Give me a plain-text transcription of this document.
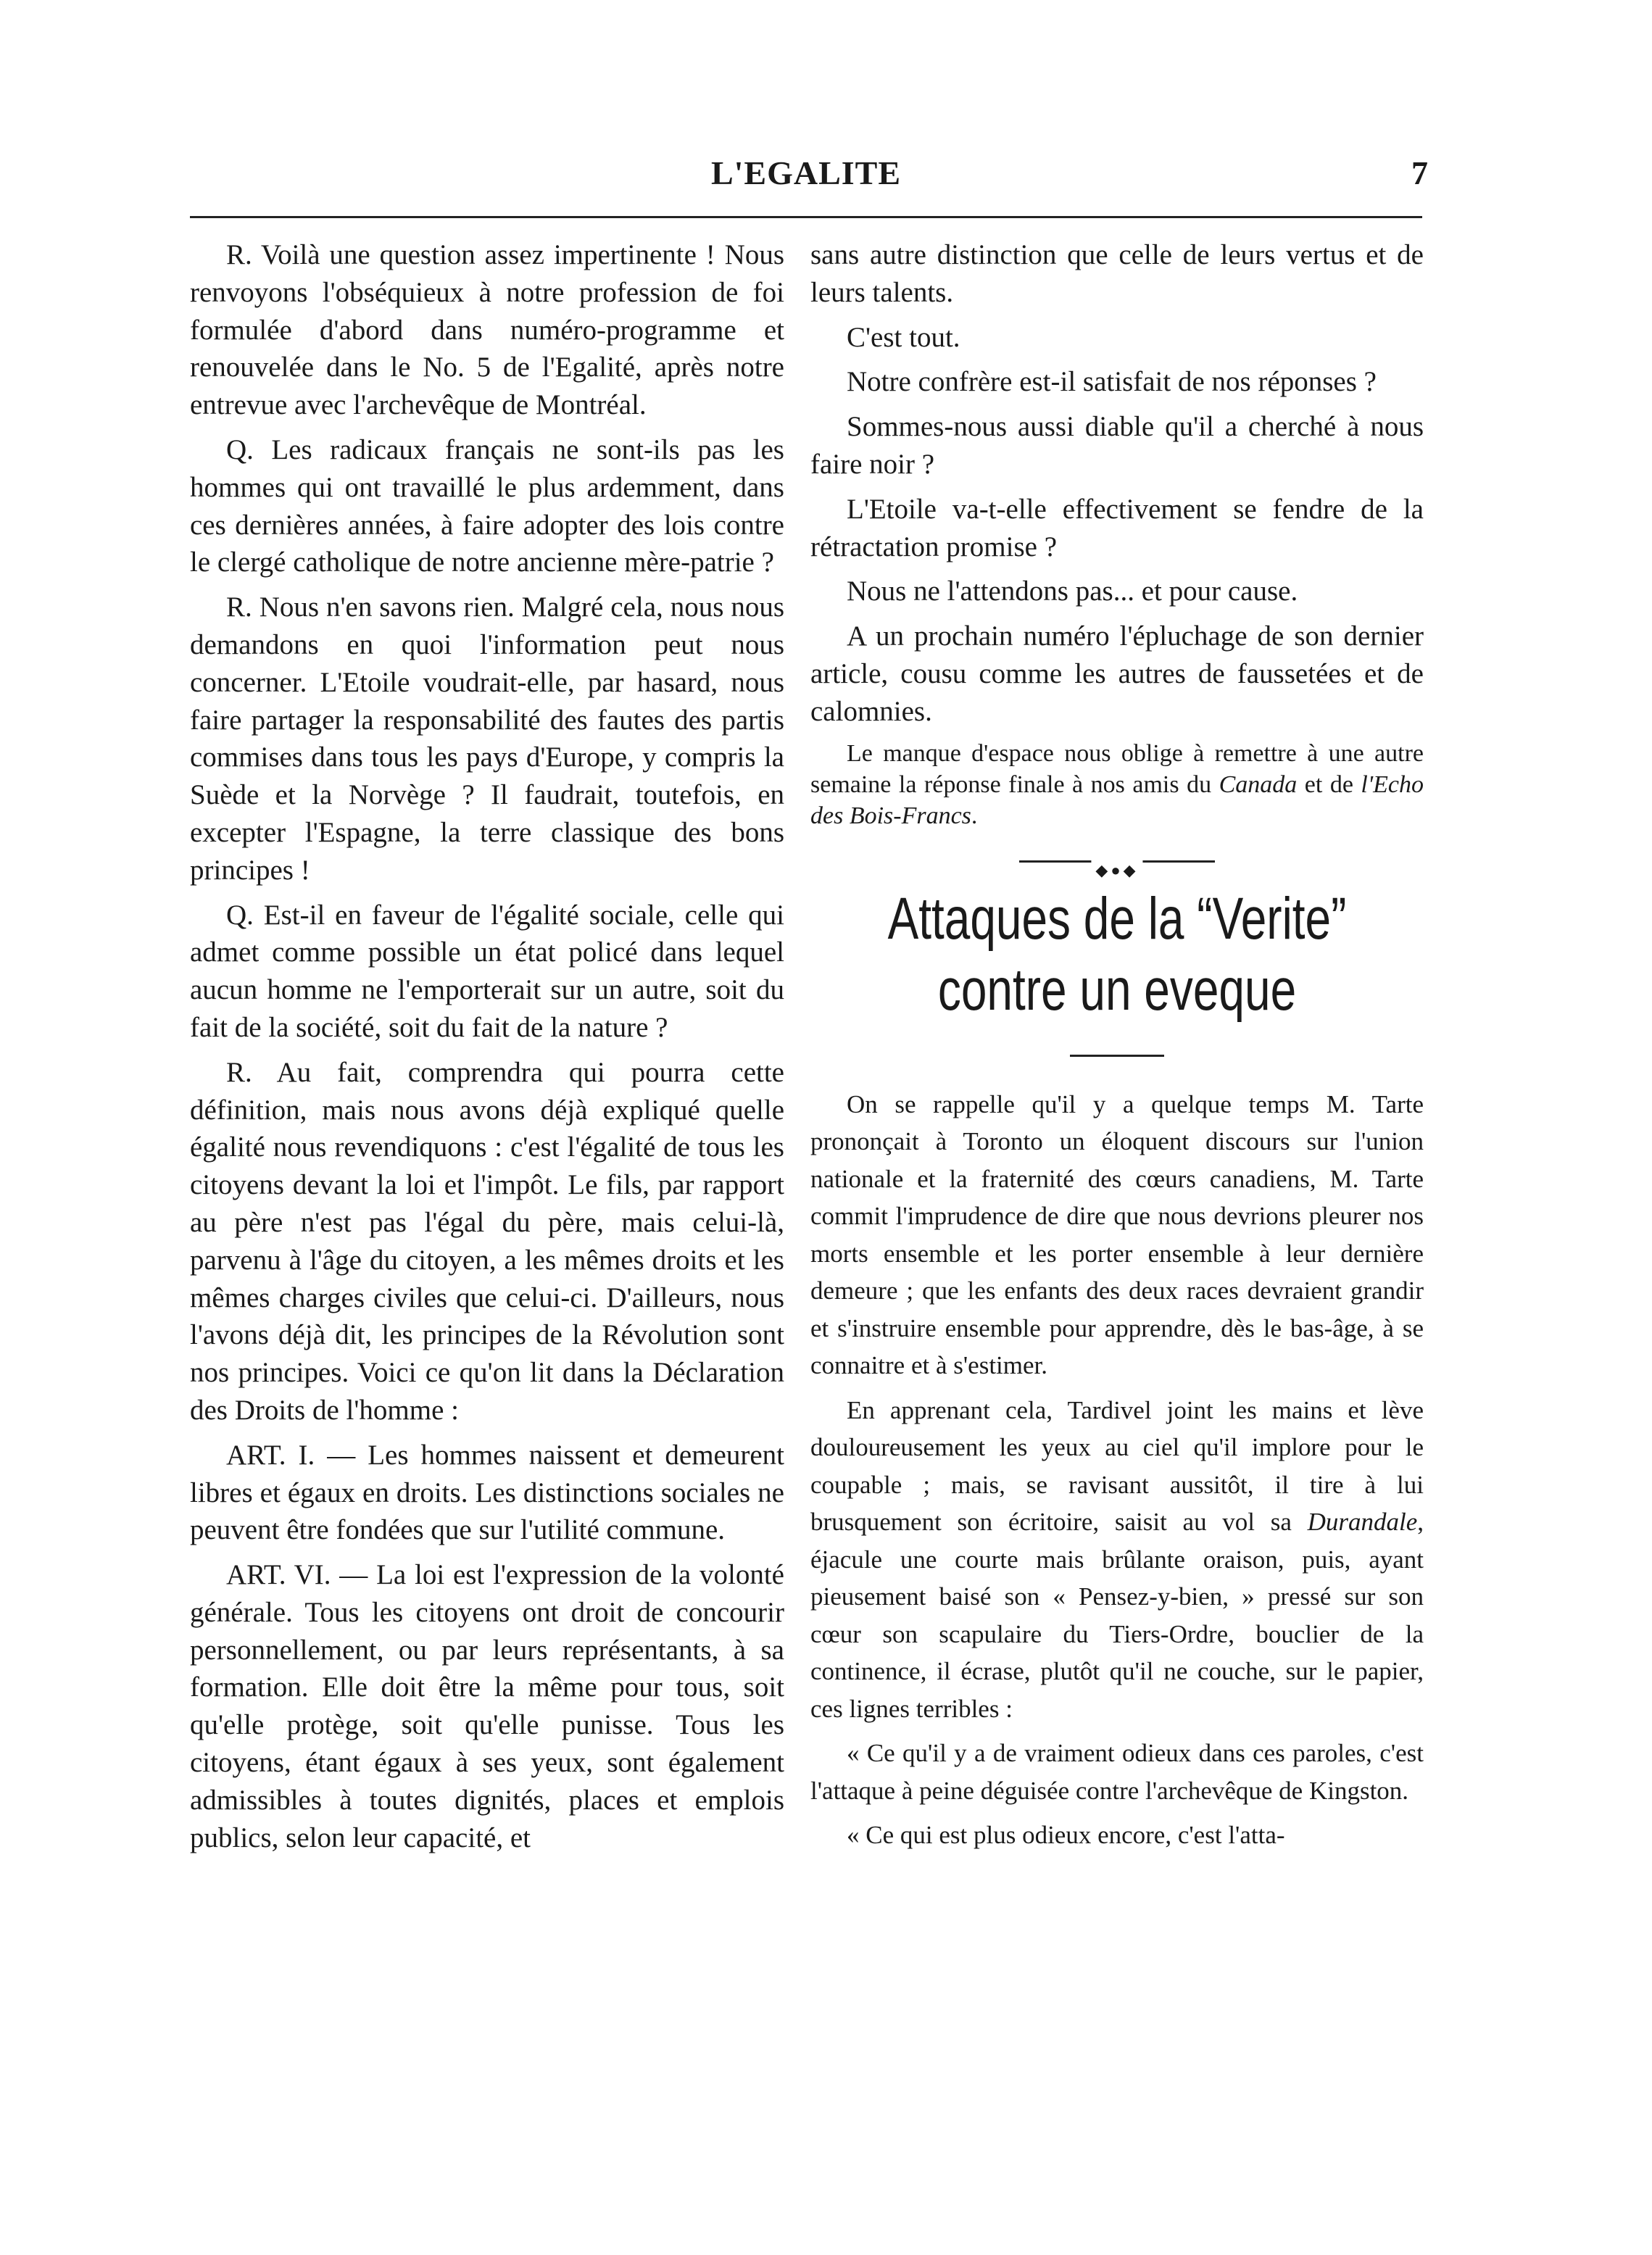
L'EGALITE	7

R. Voilà une question assez impertinente ! Nous renvoyons l'obséquieux à notre profession de foi formulée d'abord dans numéro-programme et renouvelée dans le No. 5 de l'Egalité, après notre entrevue avec l'archevêque de Montréal.

Q. Les radicaux français ne sont-ils pas les hommes qui ont travaillé le plus ardemment, dans ces dernières années, à faire adopter des lois contre le clergé catholique de notre ancienne mère-patrie ?

R. Nous n'en savons rien. Malgré cela, nous nous demandons en quoi l'information peut nous concerner. L'Etoile voudrait-elle, par hasard, nous faire partager la responsabilité des fautes des partis commises dans tous les pays d'Europe, y compris la Suède et la Norvège ? Il faudrait, toutefois, en excepter l'Espagne, la terre classique des bons principes !

Q. Est-il en faveur de l'égalité sociale, celle qui admet comme possible un état policé dans lequel aucun homme ne l'emporterait sur un autre, soit du fait de la société, soit du fait de la nature ?

R. Au fait, comprendra qui pourra cette définition, mais nous avons déjà expliqué quelle égalité nous revendiquons : c'est l'égalité de tous les citoyens devant la loi et l'impôt. Le fils, par rapport au père n'est pas l'égal du père, mais celui-là, parvenu à l'âge du citoyen, a les mêmes droits et les mêmes charges civiles que celui-ci. D'ailleurs, nous l'avons déjà dit, les principes de la Révolution sont nos principes. Voici ce qu'on lit dans la Déclaration des Droits de l'homme :

ART. I. — Les hommes naissent et demeurent libres et égaux en droits. Les distinctions sociales ne peuvent être fondées que sur l'utilité commune.

ART. VI. — La loi est l'expression de la volonté générale. Tous les citoyens ont droit de concourir personnellement, ou par leurs représentants, à sa formation. Elle doit être la même pour tous, soit qu'elle protège, soit qu'elle punisse. Tous les citoyens, étant égaux à ses yeux, sont également admissibles à toutes dignités, places et emplois publics, selon leur capacité, et

sans autre distinction que celle de leurs vertus et de leurs talents.

C'est tout.

Notre confrère est-il satisfait de nos réponses ?

Sommes-nous aussi diable qu'il a cherché à nous faire noir ?

L'Etoile va-t-elle effectivement se fendre de la rétractation promise ?

Nous ne l'attendons pas... et pour cause.

A un prochain numéro l'épluchage de son dernier article, cousu comme les autres de faussetées et de calomnies.

Le manque d'espace nous oblige à remettre à une autre semaine la réponse finale à nos amis du Canada et de l'Echo des Bois-Francs.

◆●◆
Attaques de la “Verite”
contre un eveque

On se rappelle qu'il y a quelque temps M. Tarte prononçait à Toronto un éloquent discours sur l'union nationale et la fraternité des cœurs canadiens, M. Tarte commit l'imprudence de dire que nous devrions pleurer nos morts ensemble et les porter ensemble à leur dernière demeure ; que les enfants des deux races devraient grandir et s'instruire ensemble pour apprendre, dès le bas-âge, à se connaitre et à s'estimer.

En apprenant cela, Tardivel joint les mains et lève douloureusement les yeux au ciel qu'il implore pour le coupable ; mais, se ravisant aussitôt, il tire à lui brusquement son écritoire, saisit au vol sa Durandale, éjacule une courte mais brûlante oraison, puis, ayant pieusement baisé son « Pensez-y-bien, » pressé sur son cœur son scapulaire du Tiers-Ordre, bouclier de la continence, il écrase, plutôt qu'il ne couche, sur le papier, ces lignes terribles :

« Ce qu'il y a de vraiment odieux dans ces paroles, c'est l'attaque à peine déguisée contre l'archevêque de Kingston.

« Ce qui est plus odieux encore, c'est l'atta-
